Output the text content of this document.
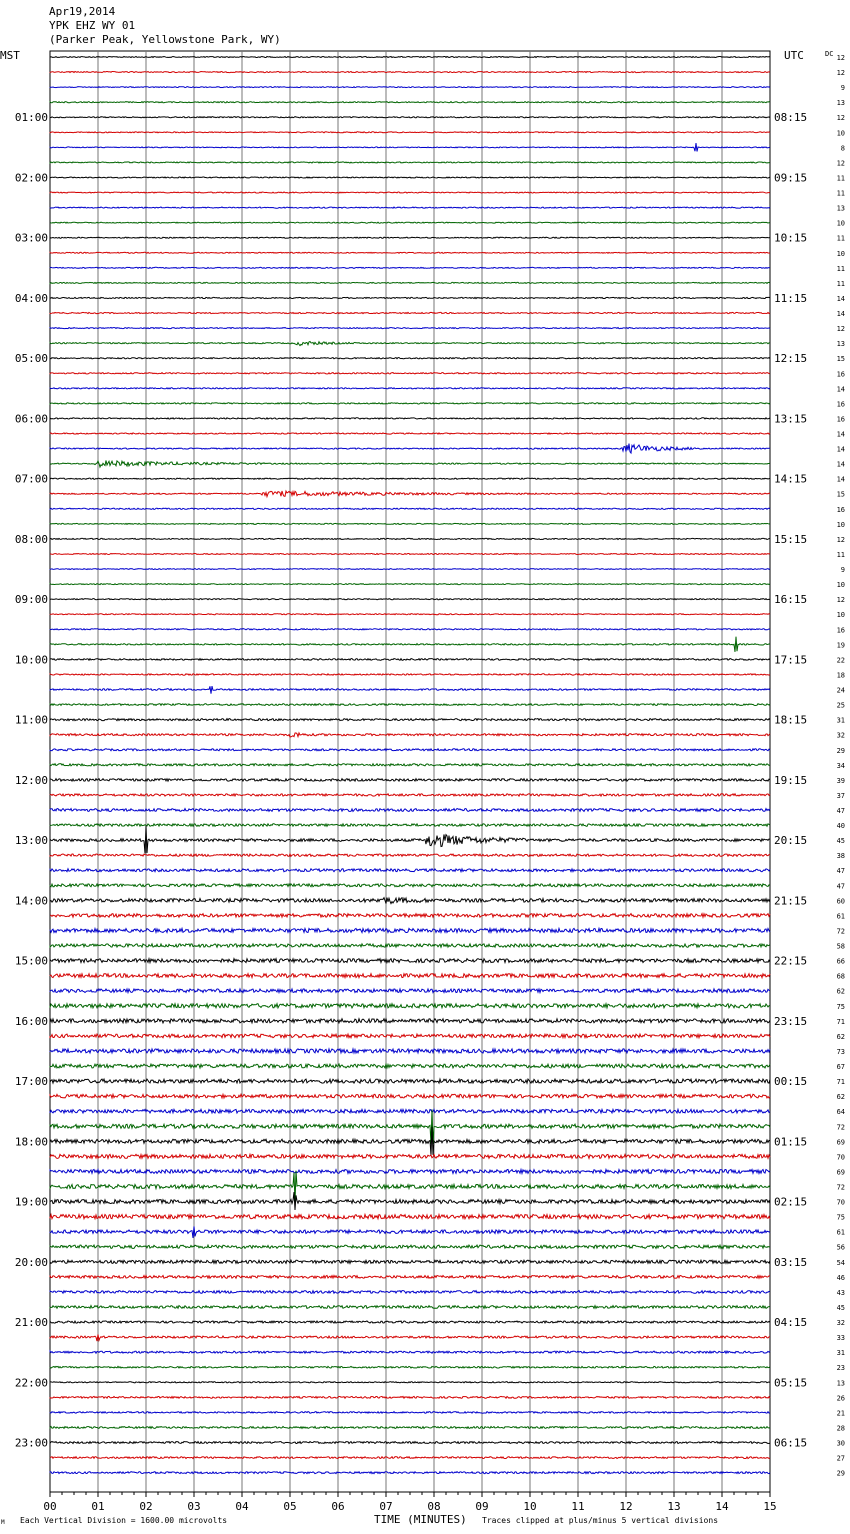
Apr19,2014
YPK EHZ WY 01
(Parker Peak, Yellowstone Park, WY)
MST	UTC	DC 12
12
9
13
12
10
8
12
11
11
13
10
11
10
11
11
14
14
12
13
15
16
14
16
16
14
14
14
14
15
16
10
12
11
9
10
12
10
16
19
22
18
24
25
31
32
29
34
39
37
47
40
45
38
47
47
60
61
72
58
66
68
62
75
71
62
73
67
71
62
64
72
69
70
69
72
70
75
61
56
54
46
43
45
32
33
31
23
13
26
21
28
30
27
29
01:00	08:15
02:00	09:15
03:00	10:15
04:00	11:15
05:00	12:15
06:00	13:15
07:00	14:15
08:00	15:15
09:00	16:15
10:00	17:15
11:00	18:15
12:00	19:15
13:00	20:15
14:00	21:15
15:00	22:15
16:00	23:15
17:00	00:15
18:00	01:15
19:00	02:15
20:00	03:15
21:00	04:15
22:00	05:15
23:00	06:15
00	01	02	03	04	05	06	07	08	09	10	11	12	13	14	15
M Each Vertical Division = 1600.00 microvolts	TIME (MINUTES) Traces clipped at plus/minus 5 vertical divisions
